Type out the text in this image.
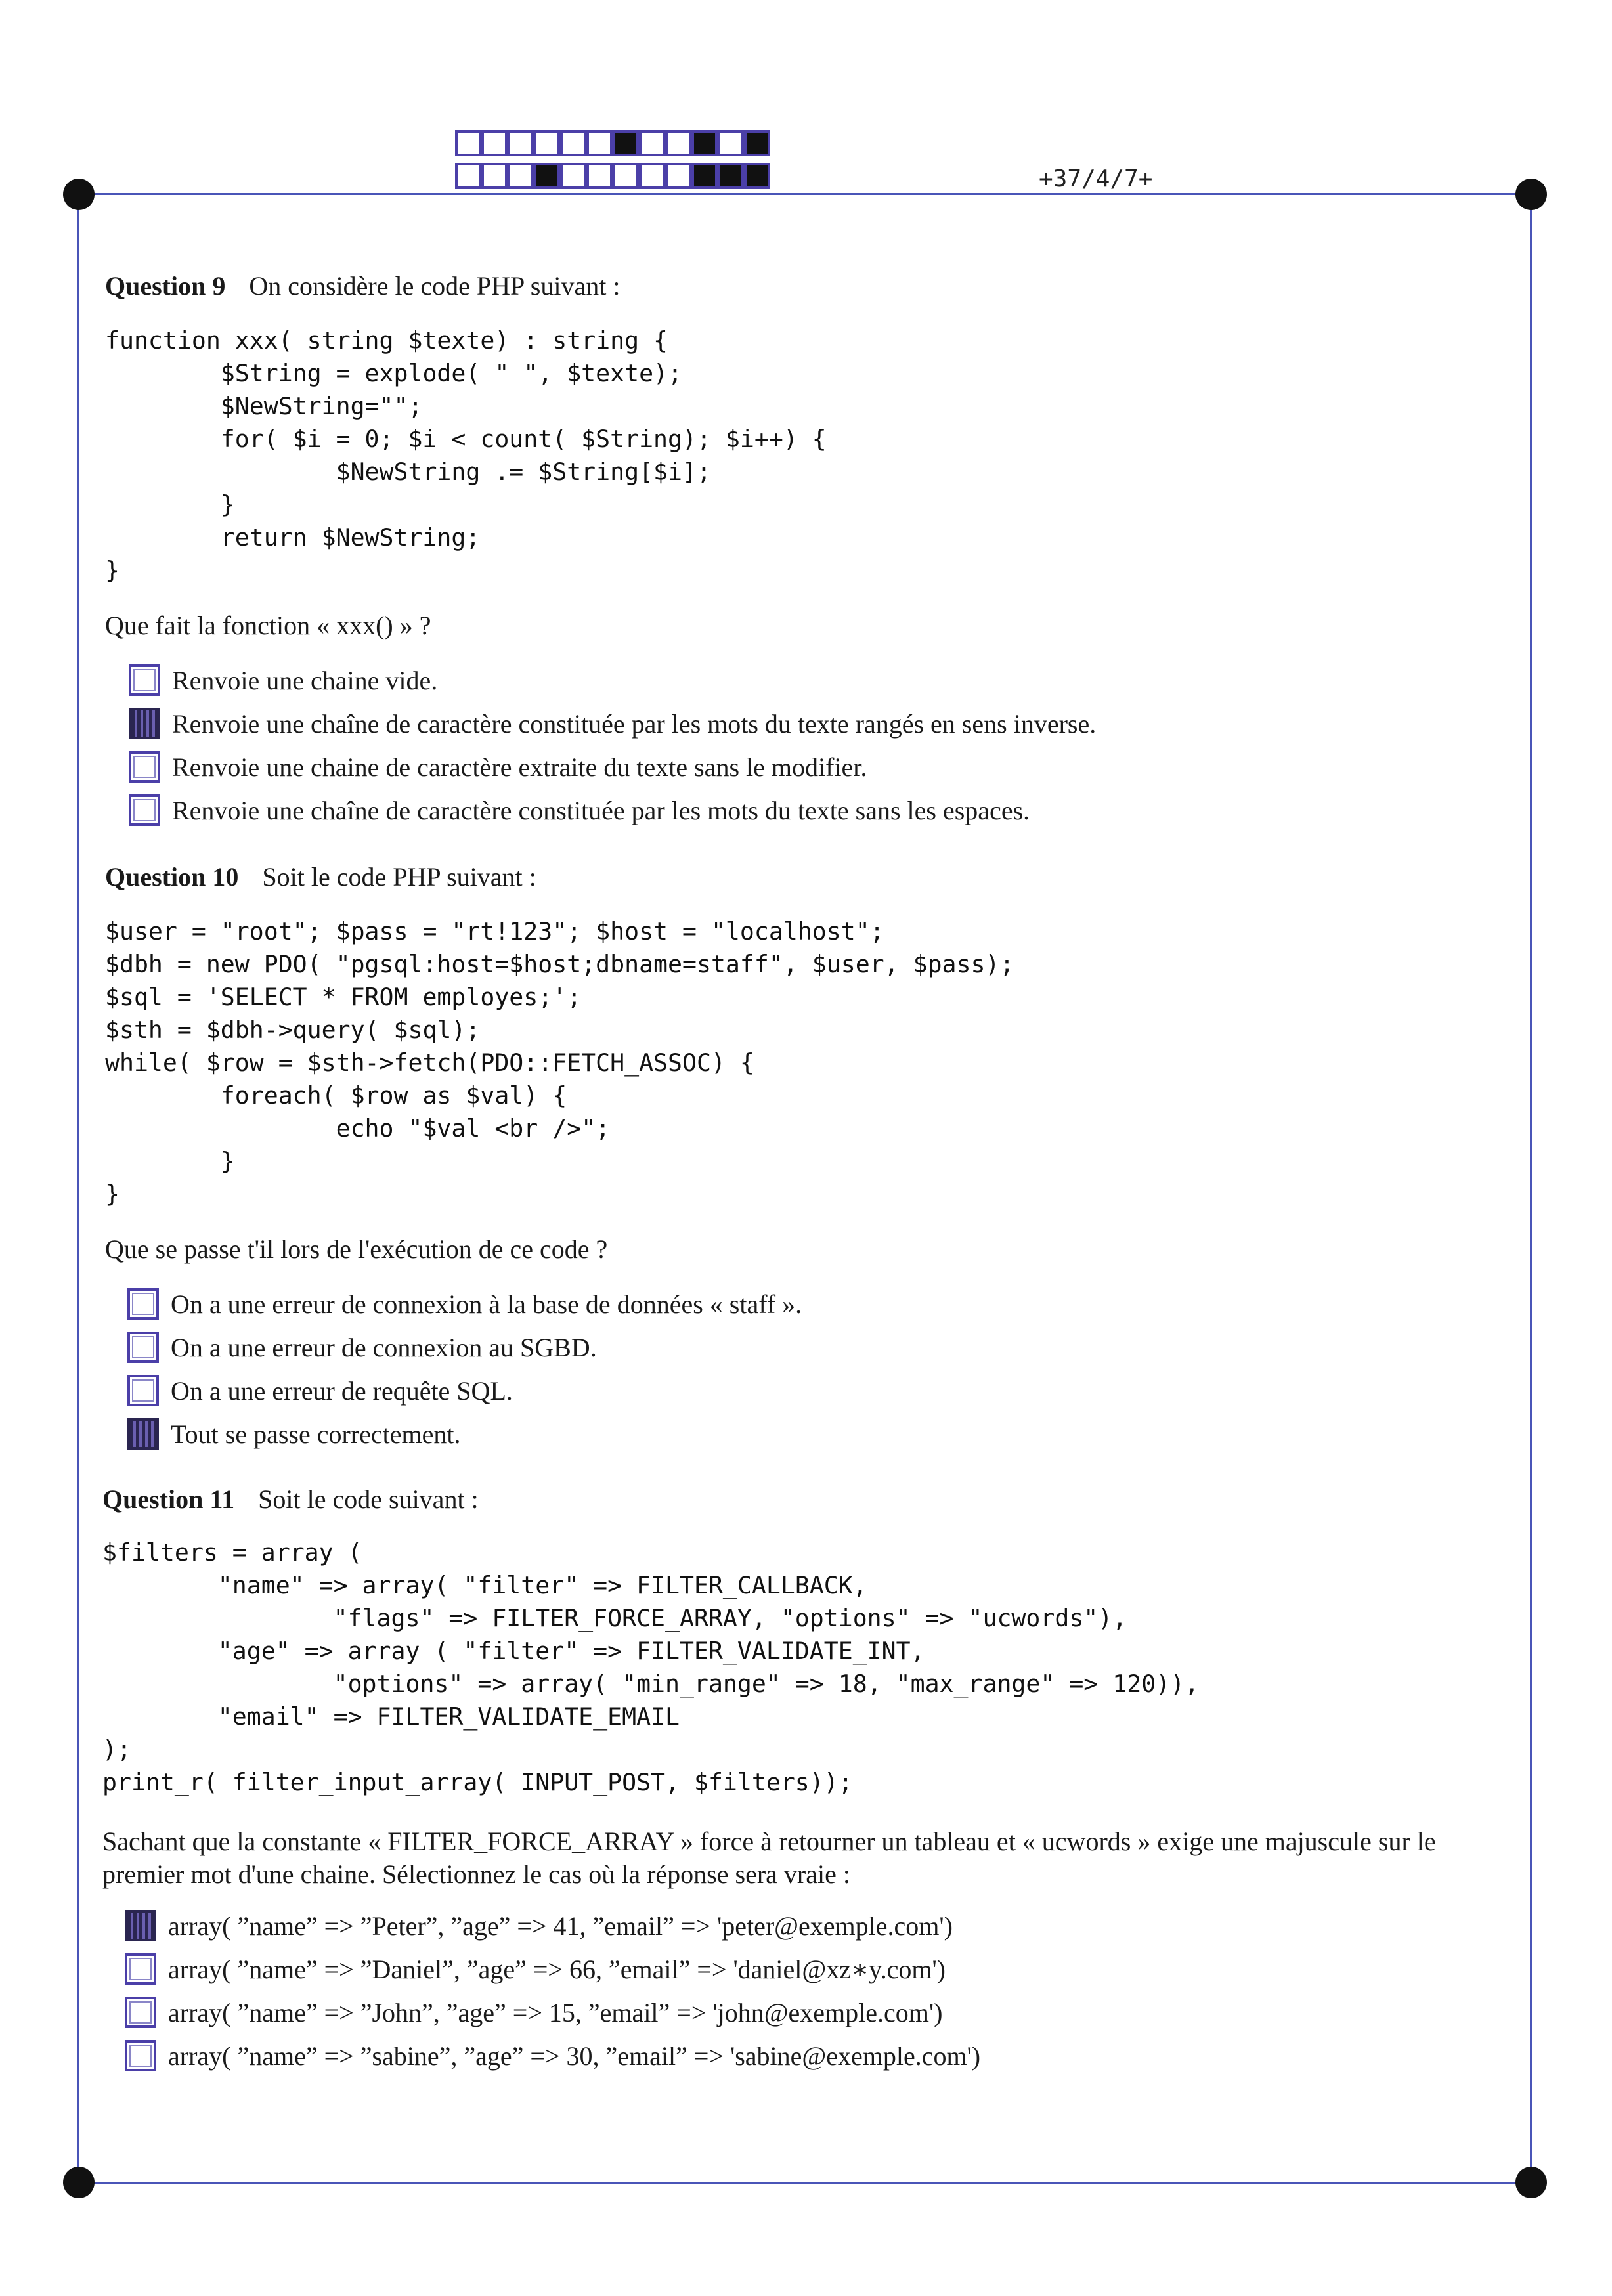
+37/4/7+
Question 9 On considère le code PHP suivant :
function xxx( string $texte) : string {
$String = explode( " ", $texte);
$NewString="";
for( $i = 0; $i < count( $String); $i++) {
$NewString .= $String[$i];
}
return $NewString;
}
Que fait la fonction « xxx() » ?
Renvoie une chaine vide.
Renvoie une chaîne de caractère constituée par les mots du texte rangés en sens inverse.
Renvoie une chaine de caractère extraite du texte sans le modifier.
Renvoie une chaîne de caractère constituée par les mots du texte sans les espaces.
Question 10 Soit le code PHP suivant :
$user = "root"; $pass = "rt!123"; $host = "localhost";
$dbh = new PDO( "pgsql:host=$host;dbname=staff", $user, $pass);
$sql = 'SELECT * FROM employes;';
$sth = $dbh->query( $sql);
while( $row = $sth->fetch(PDO::FETCH_ASSOC) {
foreach( $row as $val) {
echo "$val <br />";
}
}
Que se passe t'il lors de l'exécution de ce code ?
On a une erreur de connexion à la base de données « staff ».
On a une erreur de connexion au SGBD.
On a une erreur de requête SQL.
Tout se passe correctement.
Question 11 Soit le code suivant :
$filters = array (
"name" => array( "filter" => FILTER_CALLBACK,
"flags" => FILTER_FORCE_ARRAY, "options" => "ucwords"),
"age" => array ( "filter" => FILTER_VALIDATE_INT,
"options" => array( "min_range" => 18, "max_range" => 120)),
"email" => FILTER_VALIDATE_EMAIL
);
print_r( filter_input_array( INPUT_POST, $filters));
Sachant que la constante « FILTER_FORCE_ARRAY » force à retourner un tableau et « ucwords » exige une majuscule sur le
premier mot d'une chaine. Sélectionnez le cas où la réponse sera vraie :
array( ”name” => ”Peter”, ”age” => 41, ”email” => 'peter@exemple.com')
array( ”name” => ”Daniel”, ”age” => 66, ”email” => 'daniel@xz∗y.com')
array( ”name” => ”John”, ”age” => 15, ”email” => 'john@exemple.com')
array( ”name” => ”sabine”, ”age” => 30, ”email” => 'sabine@exemple.com')
